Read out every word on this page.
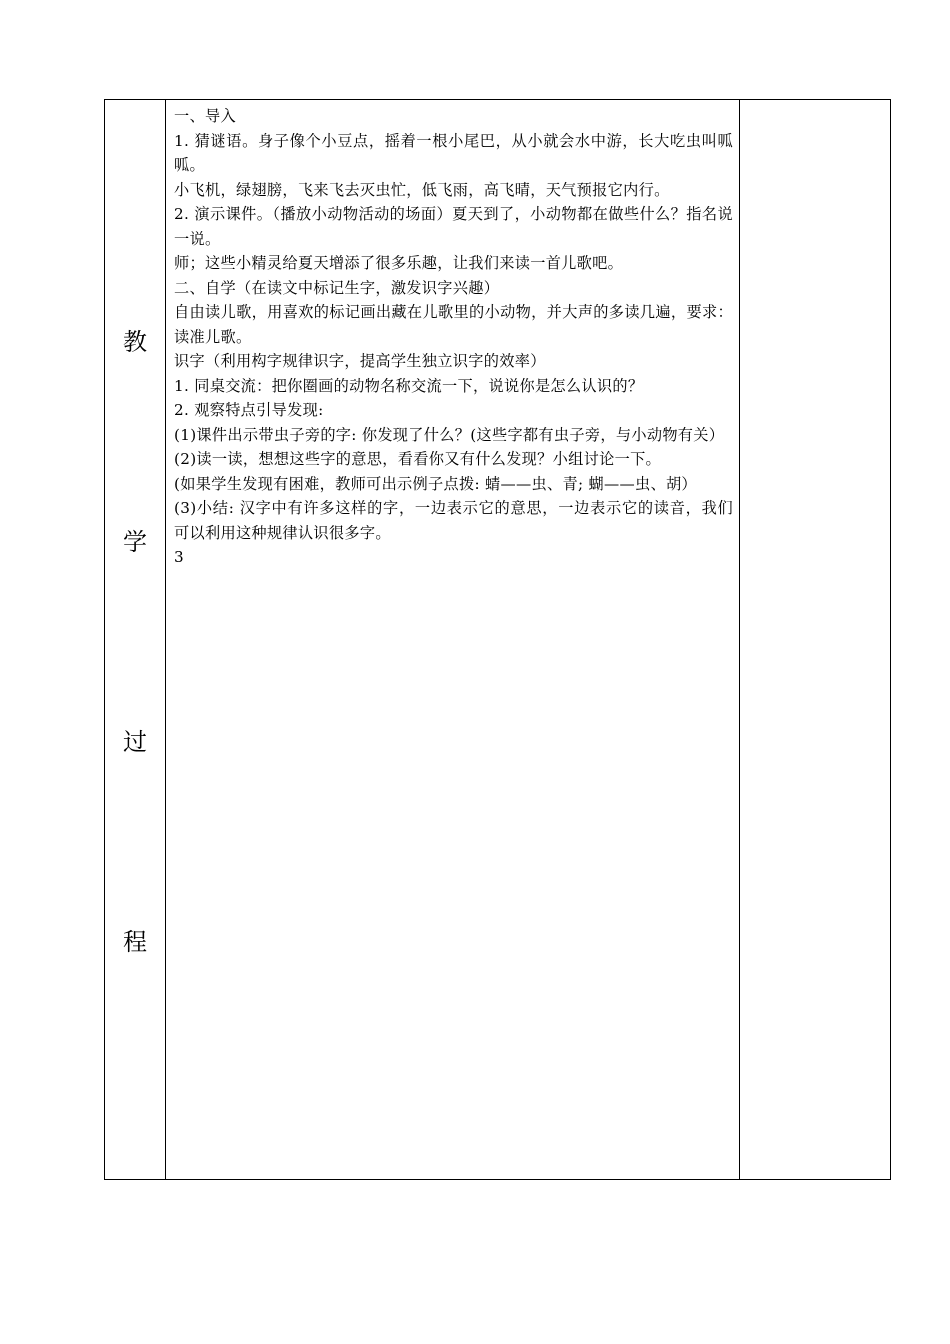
教
学
过
程

一、导入

1. 猜谜语。身子像个小豆点，摇着一根小尾巴，从小就会水中游，长大吃虫叫呱呱。

小飞机，绿翅膀，飞来飞去灭虫忙，低飞雨，高飞晴，天气预报它内行。

2. 演示课件。（播放小动物活动的场面）夏天到了，小动物都在做些什么？指名说一说。

师；这些小精灵给夏天增添了很多乐趣，让我们来读一首儿歌吧。

二、自学（在读文中标记生字，激发识字兴趣）

自由读儿歌，用喜欢的标记画出藏在儿歌里的小动物，并大声的多读几遍，要求：读准儿歌。

识字（利用构字规律识字，提高学生独立识字的效率）

1. 同桌交流：把你圈画的动物名称交流一下，说说你是怎么认识的？

2. 观察特点引导发现:

(1)课件出示带虫子旁的字: 你发现了什么？(这些字都有虫子旁，与小动物有关）

(2)读一读，想想这些字的意思，看看你又有什么发现？小组讨论一下。

(如果学生发现有困难，教师可出示例子点拨: 蜻——虫、青; 蝴——虫、胡）

(3)小结: 汉字中有许多这样的字，一边表示它的意思，一边表示它的读音，我们可以利用这种规律认识很多字。

3
